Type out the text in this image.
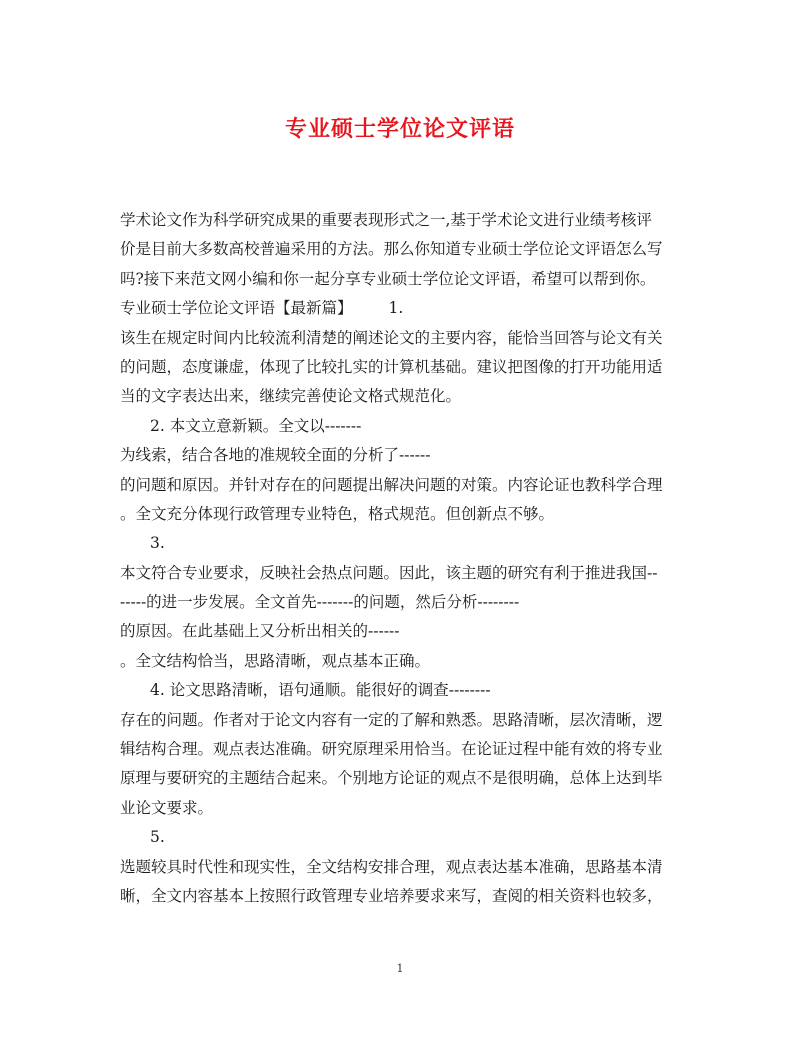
专业硕士学位论文评语
学术论文作为科学研究成果的重要表现形式之一,基于学术论文进行业绩考核评
价是目前大多数高校普遍采用的方法。那么你知道专业硕士学位论文评语怎么写
吗?接下来范文网小编和你一起分享专业硕士学位论文评语，希望可以帮到你。
专业硕士学位论文评语【最新篇】 1.
该生在规定时间内比较流利清楚的阐述论文的主要内容，能恰当回答与论文有关
的问题，态度谦虚，体现了比较扎实的计算机基础。建议把图像的打开功能用适
当的文字表达出来，继续完善使论文格式规范化。
2. 本文立意新颖。全文以-------
为线索，结合各地的准规较全面的分析了------
的问题和原因。并针对存在的问题提出解决问题的对策。内容论证也教科学合理
。全文充分体现行政管理专业特色，格式规范。但创新点不够。
3.
本文符合专业要求，反映社会热点问题。因此，该主题的研究有利于推进我国--
-----的进一步发展。全文首先-------的问题，然后分析--------
的原因。在此基础上又分析出相关的------
。全文结构恰当，思路清晰，观点基本正确。
4. 论文思路清晰，语句通顺。能很好的调查--------
存在的问题。作者对于论文内容有一定的了解和熟悉。思路清晰，层次清晰，逻
辑结构合理。观点表达准确。研究原理采用恰当。在论证过程中能有效的将专业
原理与要研究的主题结合起来。个别地方论证的观点不是很明确，总体上达到毕
业论文要求。
5.
选题较具时代性和现实性，全文结构安排合理，观点表达基本准确，思路基本清
晰，全文内容基本上按照行政管理专业培养要求来写，查阅的相关资料也较多，
1
